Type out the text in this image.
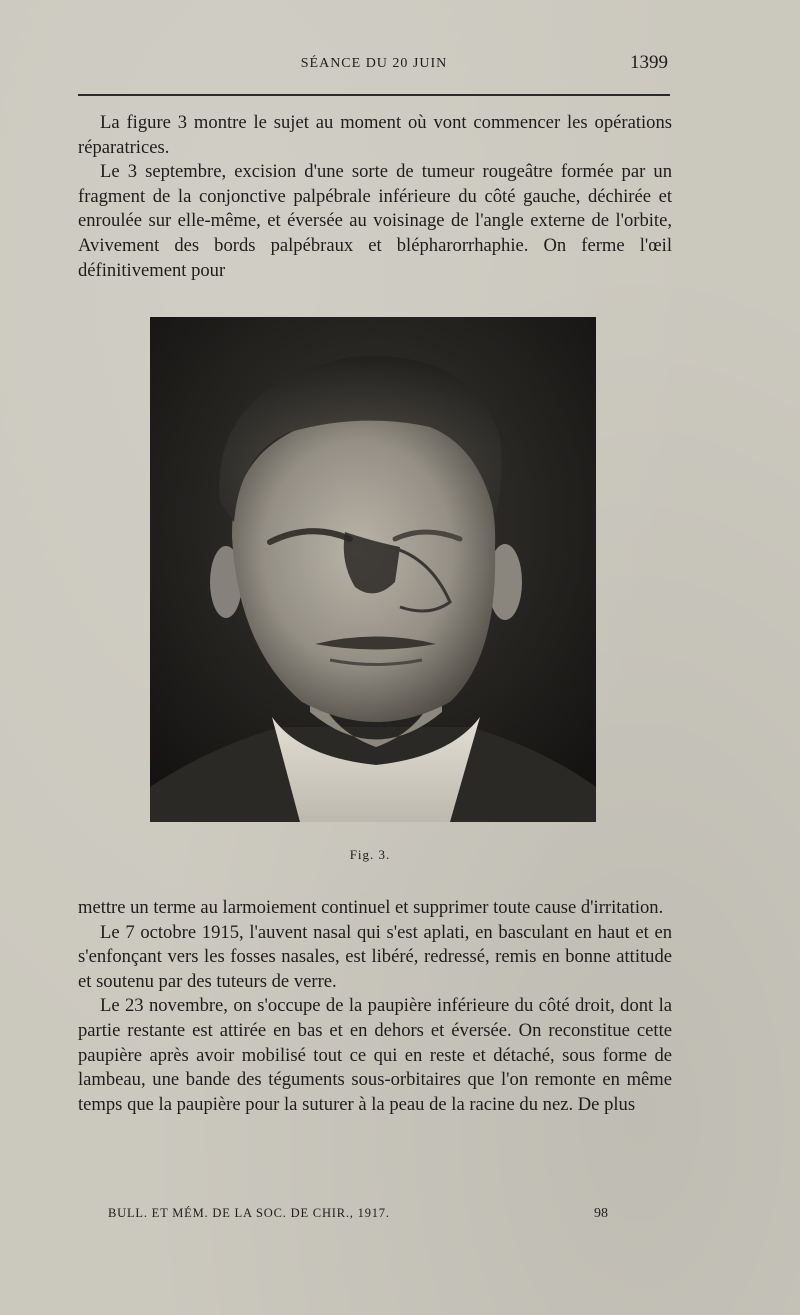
SÉANCE DU 20 JUIN	1399

La figure 3 montre le sujet au moment où vont commencer les opérations réparatrices.

Le 3 septembre, excision d'une sorte de tumeur rougeâtre formée par un fragment de la conjonctive palpébrale inférieure du côté gauche, déchirée et enroulée sur elle-même, et éversée au voisinage de l'angle externe de l'orbite, Avivement des bords palpébraux et blépharorrhaphie. On ferme l'œil définitivement pour

Fig. 3.

mettre un terme au larmoiement continuel et supprimer toute cause d'irritation.

Le 7 octobre 1915, l'auvent nasal qui s'est aplati, en basculant en haut et en s'enfonçant vers les fosses nasales, est libéré, redressé, remis en bonne attitude et soutenu par des tuteurs de verre.

Le 23 novembre, on s'occupe de la paupière inférieure du côté droit, dont la partie restante est attirée en bas et en dehors et éversée. On reconstitue cette paupière après avoir mobilisé tout ce qui en reste et détaché, sous forme de lambeau, une bande des téguments sous-orbitaires que l'on remonte en même temps que la paupière pour la suturer à la peau de la racine du nez. De plus

BULL. ET MÉM. DE LA SOC. DE CHIR., 1917.	98
